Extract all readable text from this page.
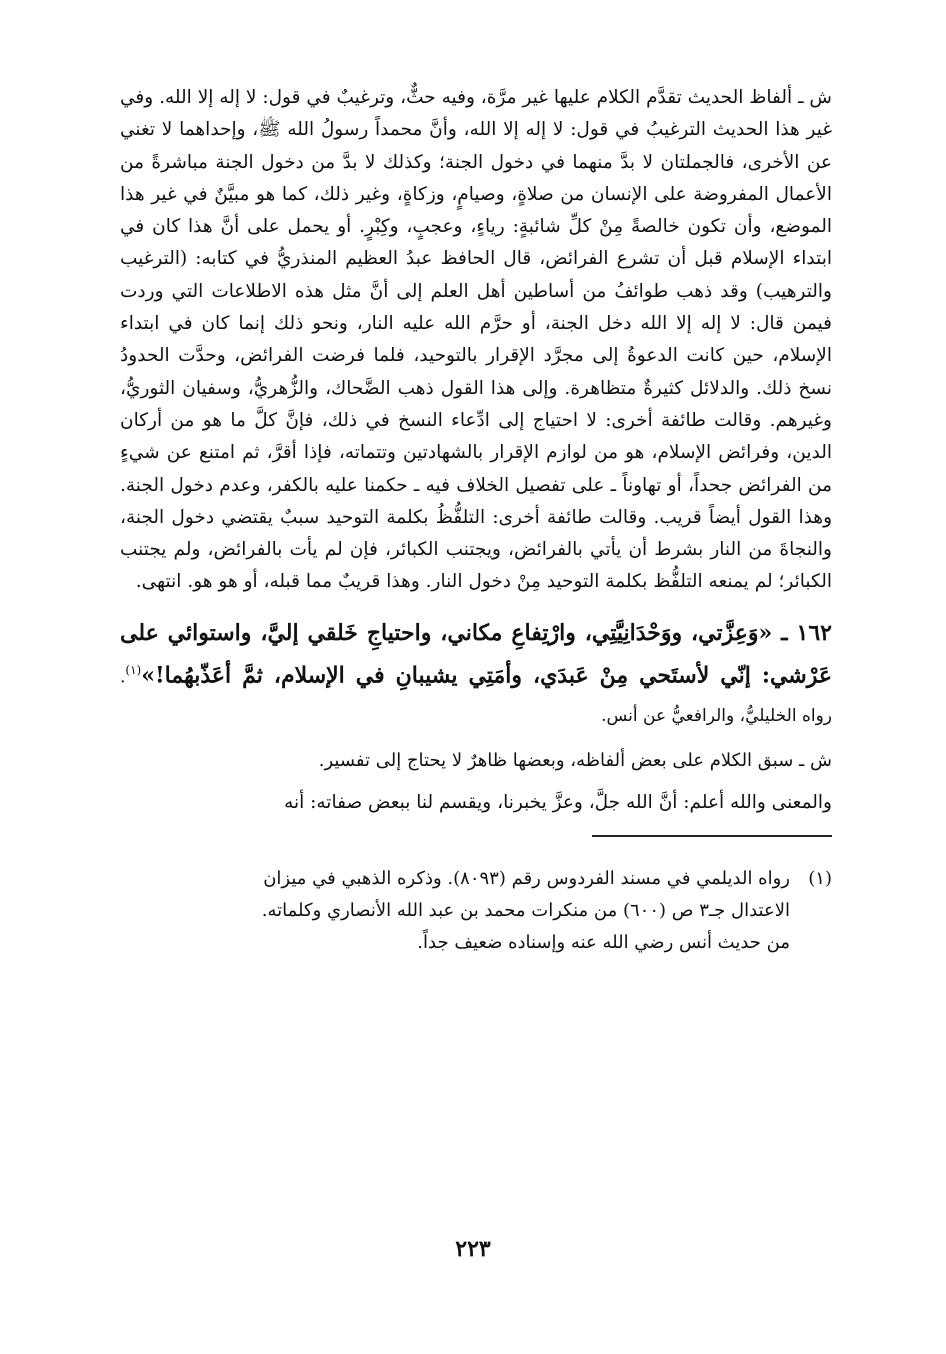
ش ـ ألفاظ الحديث تقدَّم الكلام عليها غير مرَّة، وفيه حثٌّ، وترغيبٌ في قول: لا إله إلا الله. وفي غير هذا الحديث الترغيبُ في قول: لا إله إلا الله، وأنَّ محمداً رسولُ الله ﷺ، وإحداهما لا تغني عن الأخرى، فالجملتان لا بدَّ منهما في دخول الجنة؛ وكذلك لا بدَّ من دخول الجنة مباشرةً من الأعمال المفروضة على الإنسان من صلاةٍ، وصيامٍ، وزكاةٍ، وغير ذلك، كما هو مبيَّنٌ في غير هذا الموضع، وأن تكون خالصةً مِنْ كلِّ شائبةٍ: رياءٍ، وعجبٍ، وكِبْرٍ. أو يحمل على أنَّ هذا كان في ابتداء الإسلام قبل أن تشرع الفرائض، قال الحافظ عبدُ العظيم المنذريُّ في كتابه: (الترغيب والترهيب) وقد ذهب طوائفُ من أساطين أهل العلم إلى أنَّ مثل هذه الاطلاعات التي وردت فيمن قال: لا إله إلا الله دخل الجنة، أو حرَّم الله عليه النار، ونحو ذلك إنما كان في ابتداء الإسلام، حين كانت الدعوةُ إلى مجرَّد الإقرار بالتوحيد، فلما فرضت الفرائض، وحدَّت الحدودُ نسخ ذلك. والدلائل كثيرةٌ متظاهرة. وإلى هذا القول ذهب الضَّحاك، والزُّهريُّ، وسفيان الثوريُّ، وغيرهم. وقالت طائفة أخرى: لا احتياج إلى ادِّعاء النسخ في ذلك، فإنَّ كلَّ ما هو من أركان الدين، وفرائض الإسلام، هو من لوازم الإقرار بالشهادتين وتتماته، فإذا أقرَّ، ثم امتنع عن شيءٍ من الفرائض جحداً، أو تهاوناً ـ على تفصيل الخلاف فيه ـ حكمنا عليه بالكفر، وعدم دخول الجنة. وهذا القول أيضاً قريب. وقالت طائفة أخرى: التلفُّظُ بكلمة التوحيد سببٌ يقتضي دخول الجنة، والنجاةَ من النار بشرط أن يأتي بالفرائض، ويجتنب الكبائر، فإن لم يأت بالفرائض، ولم يجتنب الكبائر؛ لم يمنعه التلفُّظ بكلمة التوحيد مِنْ دخول النار. وهذا قريبٌ مما قبله، أو هو هو. انتهى.

١٦٢ ـ «وَعِزَّتي، ووَحْدَانِيَّتِي، وارْتِفاعِ مكاني، واحتياجِ خَلقي إليَّ، واستوائي على عَرْشي: إنّي لأستَحي مِنْ عَبدَي، وأمَتِي يشيبانِ في الإسلام، ثمَّ أعَذّبهُما!»$^{(١)}$. رواه الخليليُّ، والرافعيُّ عن أنس.

ش ـ سبق الكلام على بعض ألفاظه، وبعضها ظاهرٌ لا يحتاج إلى تفسير.

والمعنى والله أعلم: أنَّ الله جلَّ، وعزَّ يخبرنا، ويقسم لنا ببعض صفاته: أنه

(١)
رواه الديلمي في مسند الفردوس رقم (٨٠٩٣). وذكره الذهبي في ميزان
الاعتدال جـ٣ ص (٦٠٠) من منكرات محمد بن عبد الله الأنصاري وكلماته.
من حديث أنس رضي الله عنه وإسناده ضعيف جداً.
٢٢٣
